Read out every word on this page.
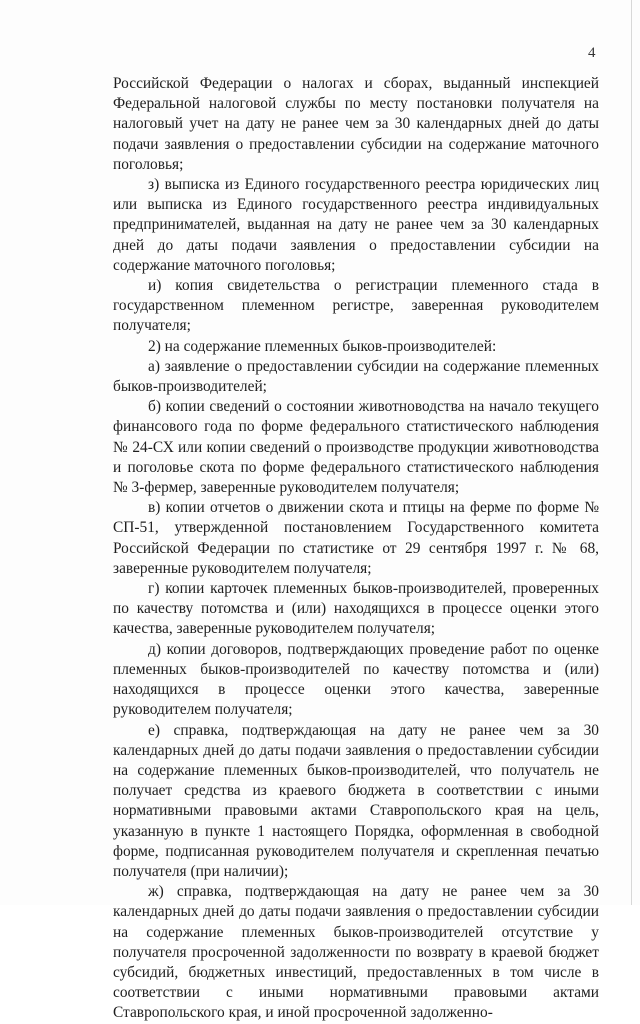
4

Российской Федерации о налогах и сборах, выданный инспекцией Федеральной налоговой службы по месту постановки получателя на налоговый учет на дату не ранее чем за 30 календарных дней до даты подачи заявления о предоставлении субсидии на содержание маточного поголовья;

з) выписка из Единого государственного реестра юридических лиц или выписка из Единого государственного реестра индивидуальных предпринимателей, выданная на дату не ранее чем за 30 календарных дней до даты подачи заявления о предоставлении субсидии на содержание маточного поголовья;

и) копия свидетельства о регистрации племенного стада в государственном племенном регистре, заверенная руководителем получателя;

2) на содержание племенных быков-производителей:

а) заявление о предоставлении субсидии на содержание племенных быков-производителей;

б) копии сведений о состоянии животноводства на начало текущего финансового года по форме федерального статистического наблюдения № 24-СХ или копии сведений о производстве продукции животноводства и поголовье скота по форме федерального статистического наблюдения № 3-фермер, заверенные руководителем получателя;

в) копии отчетов о движении скота и птицы на ферме по форме № СП-51, утвержденной постановлением Государственного комитета Российской Федерации по статистике от 29 сентября 1997 г. № 68, заверенные руководителем получателя;

г) копии карточек племенных быков-производителей, проверенных по качеству потомства и (или) находящихся в процессе оценки этого качества, заверенные руководителем получателя;

д) копии договоров, подтверждающих проведение работ по оценке племенных быков-производителей по качеству потомства и (или) находящихся в процессе оценки этого качества, заверенные руководителем получателя;

е) справка, подтверждающая на дату не ранее чем за 30 календарных дней до даты подачи заявления о предоставлении субсидии на содержание племенных быков-производителей, что получатель не получает средства из краевого бюджета в соответствии с иными нормативными правовыми актами Ставропольского края на цель, указанную в пункте 1 настоящего Порядка, оформленная в свободной форме, подписанная руководителем получателя и скрепленная печатью получателя (при наличии);

ж) справка, подтверждающая на дату не ранее чем за 30 календарных дней до даты подачи заявления о предоставлении субсидии на содержание племенных быков-производителей отсутствие у получателя просроченной задолженности по возврату в краевой бюджет субсидий, бюджетных инвестиций, предоставленных в том числе в соответствии с иными нормативными правовыми актами Ставропольского края, и иной просроченной задолженно-
